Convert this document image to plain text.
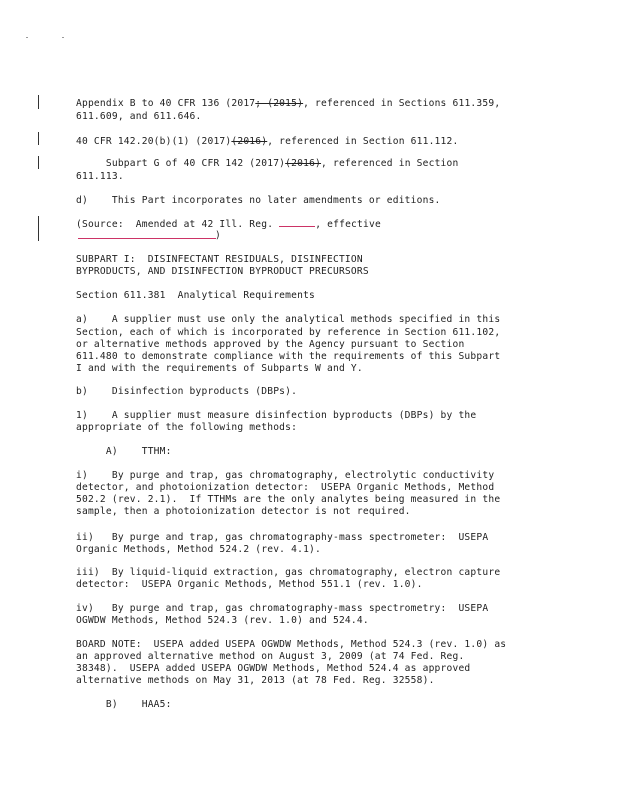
Appendix B to 40 CFR 136 (2017; (2015), referenced in Sections 611.359,
611.609, and 611.646.
40 CFR 142.20(b)(1) (2017)(2016), referenced in Section 611.112.
Subpart G of 40 CFR 142 (2017)(2016), referenced in Section
611.113.
d)    This Part incorporates no later amendments or editions.
(Source:  Amended at 42 Ill. Reg.	, effective
)
SUBPART I:  DISINFECTANT RESIDUALS, DISINFECTION
BYPRODUCTS, AND DISINFECTION BYPRODUCT PRECURSORS
Section 611.381  Analytical Requirements
a)    A supplier must use only the analytical methods specified in this
Section, each of which is incorporated by reference in Section 611.102,
or alternative methods approved by the Agency pursuant to Section
611.480 to demonstrate compliance with the requirements of this Subpart
I and with the requirements of Subparts W and Y.
b)    Disinfection byproducts (DBPs).
1)    A supplier must measure disinfection byproducts (DBPs) by the
appropriate of the following methods:
A)    TTHM:
i)    By purge and trap, gas chromatography, electrolytic conductivity
detector, and photoionization detector:  USEPA Organic Methods, Method
502.2 (rev. 2.1).  If TTHMs are the only analytes being measured in the
sample, then a photoionization detector is not required.
ii)   By purge and trap, gas chromatography-mass spectrometer:  USEPA
Organic Methods, Method 524.2 (rev. 4.1).
iii)  By liquid-liquid extraction, gas chromatography, electron capture
detector:  USEPA Organic Methods, Method 551.1 (rev. 1.0).
iv)   By purge and trap, gas chromatography-mass spectrometry:  USEPA
OGWDW Methods, Method 524.3 (rev. 1.0) and 524.4.
BOARD NOTE:  USEPA added USEPA OGWDW Methods, Method 524.3 (rev. 1.0) as
an approved alternative method on August 3, 2009 (at 74 Fed. Reg.
38348).  USEPA added USEPA OGWDW Methods, Method 524.4 as approved
alternative methods on May 31, 2013 (at 78 Fed. Reg. 32558).
B)    HAA5:
